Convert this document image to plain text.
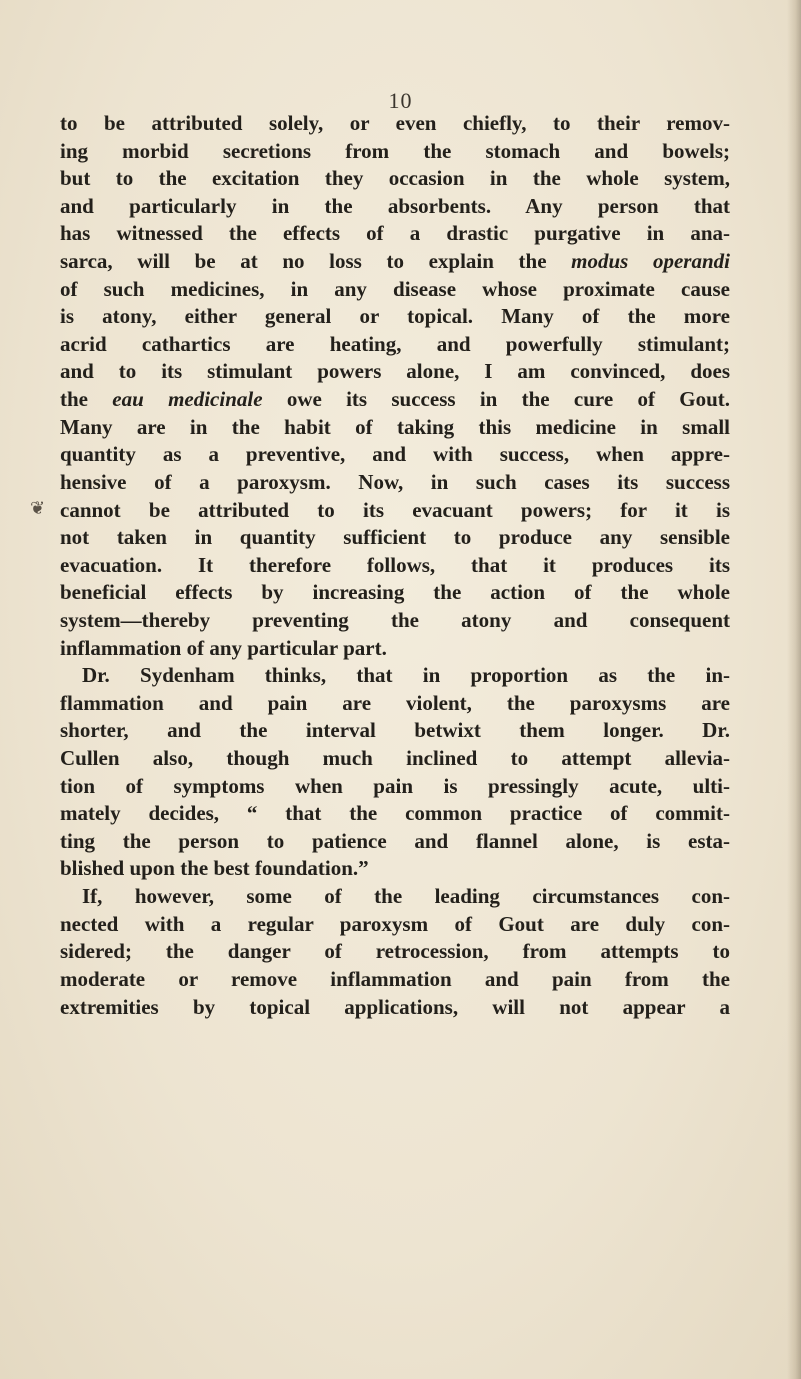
10
❦
to be attributed solely, or even chiefly, to their remov-
ing morbid secretions from the stomach and bowels;
but to the excitation they occasion in the whole system,
and particularly in the absorbents. Any person that
has witnessed the effects of a drastic purgative in ana-
sarca, will be at no loss to explain the modus operandi
of such medicines, in any disease whose proximate cause
is atony, either general or topical. Many of the more
acrid cathartics are heating, and powerfully stimulant;
and to its stimulant powers alone, I am convinced, does
the eau medicinale owe its success in the cure of Gout.
Many are in the habit of taking this medicine in small
quantity as a preventive, and with success, when appre-
hensive of a paroxysm. Now, in such cases its success
cannot be attributed to its evacuant powers; for it is
not taken in quantity sufficient to produce any sensible
evacuation. It therefore follows, that it produces its
beneficial effects by increasing the action of the whole
system—thereby preventing the atony and consequent
inflammation of any particular part.
Dr. Sydenham thinks, that in proportion as the in-
flammation and pain are violent, the paroxysms are
shorter, and the interval betwixt them longer. Dr.
Cullen also, though much inclined to attempt allevia-
tion of symptoms when pain is pressingly acute, ulti-
mately decides, “ that the common practice of commit-
ting the person to patience and flannel alone, is esta-
blished upon the best foundation.”
If, however, some of the leading circumstances con-
nected with a regular paroxysm of Gout are duly con-
sidered; the danger of retrocession, from attempts to
moderate or remove inflammation and pain from the
extremities by topical applications, will not appear a
